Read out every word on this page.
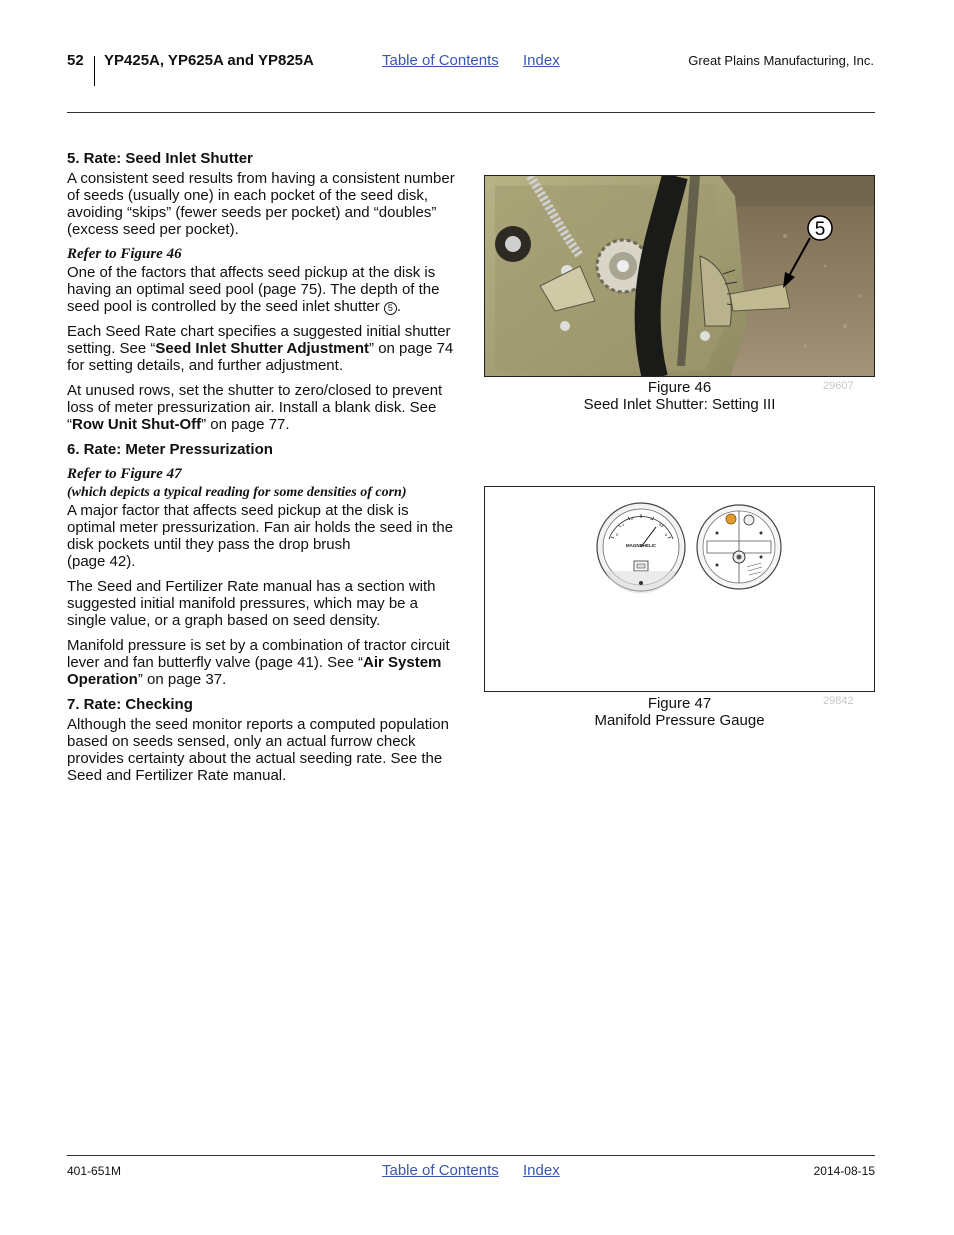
52 YP425A, YP625A and YP825A	Table of Contents Index	Great Plains Manufacturing, Inc.
5. Rate: Seed Inlet Shutter

A consistent seed results from having a consistent number of seeds (usually one) in each pocket of the seed disk, avoiding “skips” (fewer seeds per pocket) and “doubles” (excess seed per pocket).

Refer to Figure 46

One of the factors that affects seed pickup at the disk is having an optimal seed pool (page 75). The depth of the seed pool is controlled by the seed inlet shutter 5 .

Each Seed Rate chart specifies a suggested initial shutter setting. See “Seed Inlet Shutter Adjustment” on page 74 for setting details, and further adjustment.

At unused rows, set the shutter to zero/closed to prevent loss of meter pressurization air. Install a blank disk. See “Row Unit Shut-Off” on page 77.

6. Rate: Meter Pressurization
Refer to Figure 47
(which depicts a typical reading for some densities of corn)

A major factor that affects seed pickup at the disk is optimal meter pressurization. Fan air holds the seed in the disk pockets until they pass the drop brush
(page 42).

The Seed and Fertilizer Rate manual has a section with suggested initial manifold pressures, which may be a single value, or a graph based on seed density.

Manifold pressure is set by a combination of tractor circuit lever and fan butterfly valve (page 41). See “Air System Operation” on page 37.

7. Rate: Checking

Although the seed monitor reports a computed population based on seeds sensed, only an actual furrow check provides certainty about the actual seeding rate. See the Seed and Fertilizer Rate manual.

5
Figure 46	29607
Seed Inlet Shutter: Setting III
0
1
2 3 4
5
6
MAGNEHELIC
Figure 47	29842
Manifold Pressure Gauge
401-651M	Table of Contents Index	2014-08-15
